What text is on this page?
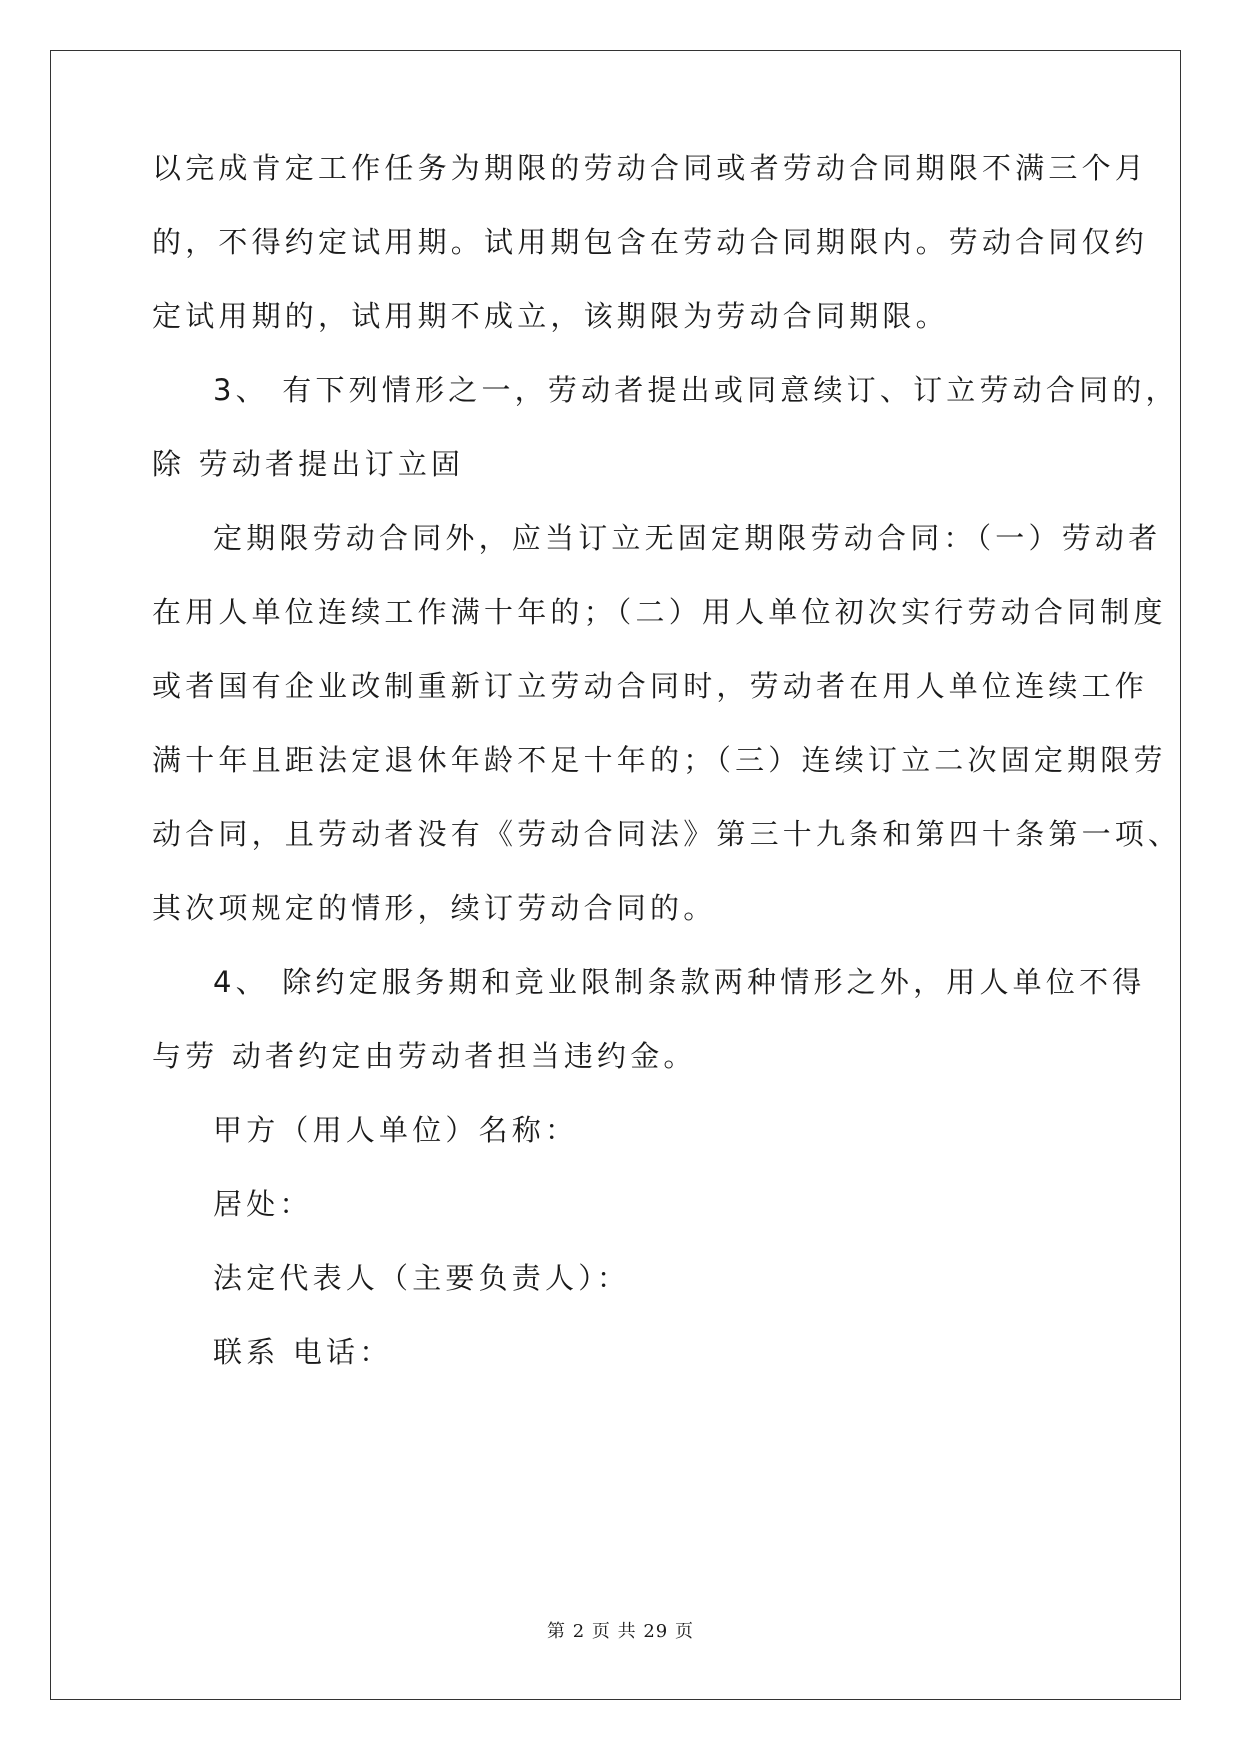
以完成肯定工作任务为期限的劳动合同或者劳动合同期限不满三个月
的，不得约定试用期。试用期包含在劳动合同期限内。劳动合同仅约
定试用期的，试用期不成立，该期限为劳动合同期限。
3、 有下列情形之一，劳动者提出或同意续订、订立劳动合同的，
除 劳动者提出订立固
定期限劳动合同外，应当订立无固定期限劳动合同：（一）劳动者
在用人单位连续工作满十年的；（二）用人单位初次实行劳动合同制度
或者国有企业改制重新订立劳动合同时，劳动者在用人单位连续工作
满十年且距法定退休年龄不足十年的；（三）连续订立二次固定期限劳
动合同，且劳动者没有《劳动合同法》第三十九条和第四十条第一项、
其次项规定的情形，续订劳动合同的。
4、 除约定服务期和竞业限制条款两种情形之外，用人单位不得
与劳 动者约定由劳动者担当违约金。
甲方（用人单位）名称：
居处：
法定代表人（主要负责人）：
联系 电话：
第 2 页 共 29 页
